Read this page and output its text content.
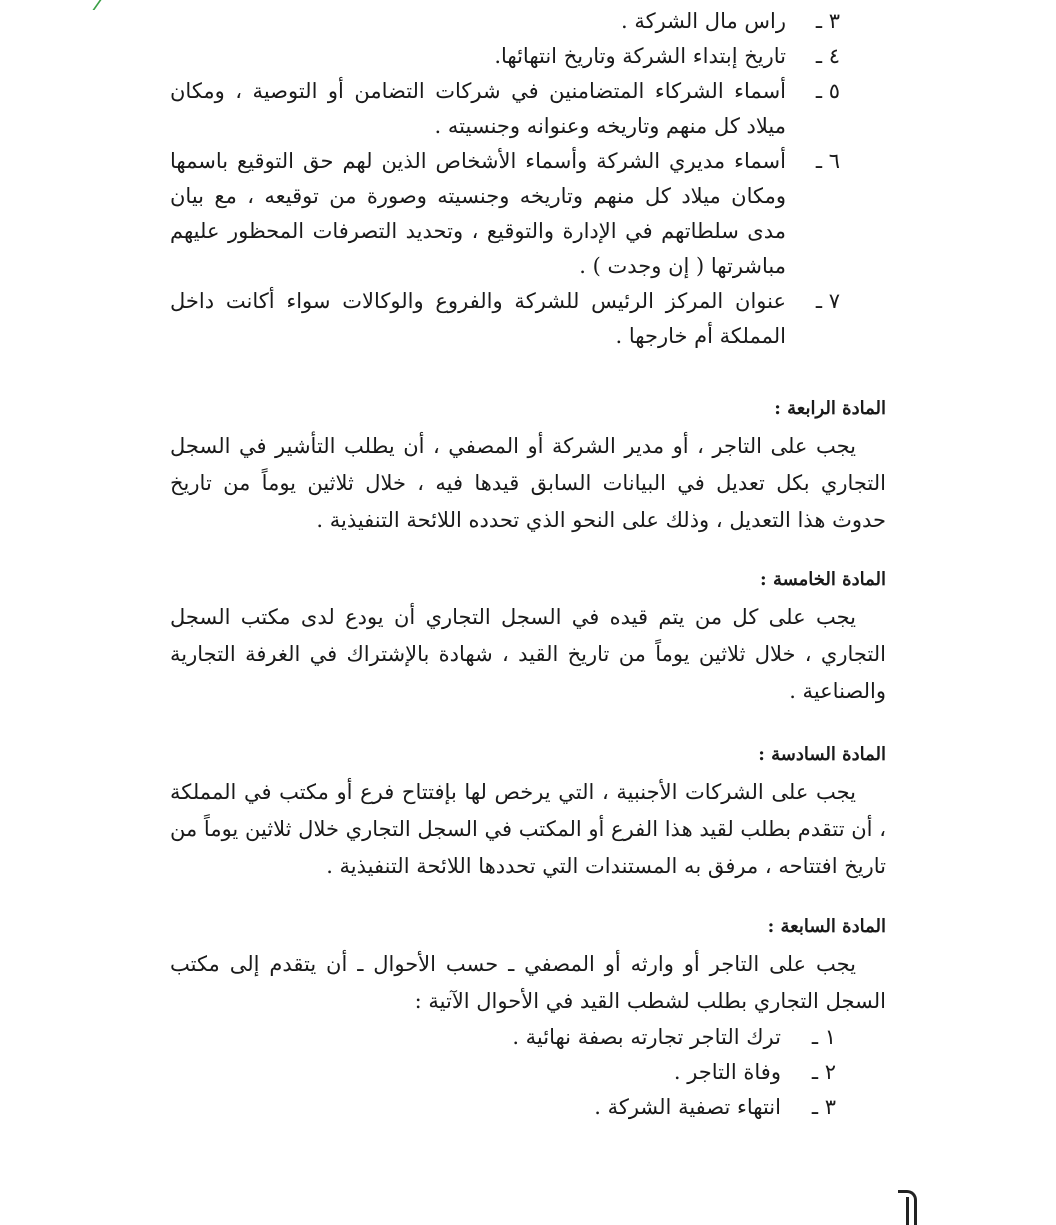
٣ ـ
راس مال الشركة .
٤ ـ
تاريخ إبتداء الشركة وتاريخ انتهائها.
٥ ـ
أسماء الشركاء المتضامنين في شركات التضامن أو التوصية ، ومكان ميلاد كل منهم وتاريخه وعنوانه وجنسيته .
٦ ـ
أسماء مديري الشركة وأسماء الأشخاص الذين لهم حق التوقيع باسمها ومكان ميلاد كل منهم وتاريخه وجنسيته وصورة من توقيعه ، مع بيان مدى سلطاتهم في الإدارة والتوقيع ، وتحديد التصرفات المحظور عليهم مباشرتها ( إن وجدت ) .
٧ ـ
عنوان المركز الرئيس للشركة والفروع والوكالات سواء أكانت داخل المملكة أم خارجها .
المادة الرابعة :

يجب على التاجر ، أو مدير الشركة أو المصفي ، أن يطلب التأشير في السجل التجاري بكل تعديل في البيانات السابق قيدها فيه ، خلال ثلاثين يوماً من تاريخ حدوث هذا التعديل ، وذلك على النحو الذي تحدده اللائحة التنفيذية .

المادة الخامسة :

يجب على كل من يتم قيده في السجل التجاري أن يودع لدى مكتب السجل التجاري ، خلال ثلاثين يوماً من تاريخ القيد ، شهادة بالإشتراك في الغرفة التجارية والصناعية .

المادة السادسة :

يجب على الشركات الأجنبية ، التي يرخص لها بإفتتاح فرع أو مكتب في المملكة ، أن تتقدم بطلب لقيد هذا الفرع أو المكتب في السجل التجاري خلال ثلاثين يوماً من تاريخ افتتاحه ، مرفق به المستندات التي تحددها اللائحة التنفيذية .

المادة السابعة :

يجب على التاجر أو وارثه أو المصفي ـ حسب الأحوال ـ أن يتقدم إلى مكتب السجل التجاري بطلب لشطب القيد في الأحوال الآتية :

١ ـ
ترك التاجر تجارته بصفة نهائية .
٢ ـ
وفاة التاجر .
٣ ـ
انتهاء تصفية الشركة .
